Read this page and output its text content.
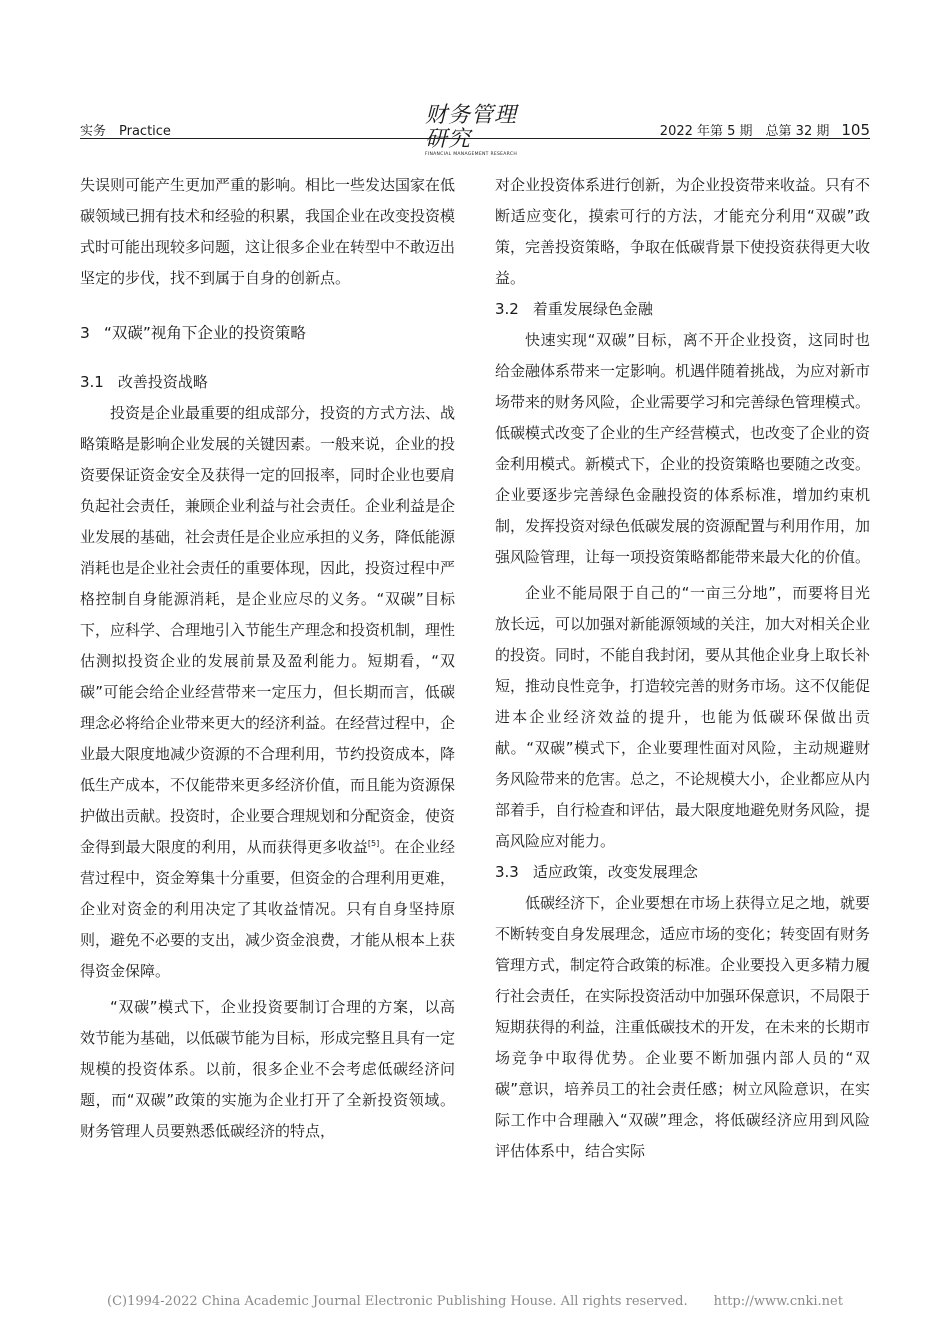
实务　Practice
财务管理研究
FINANCIAL MANAGEMENT RESEARCH
2022 年第 5 期　总第 32 期 105

失误则可能产生更加严重的影响。相比一些发达国家在低碳领域已拥有技术和经验的积累，我国企业在改变投资模式时可能出现较多问题，这让很多企业在转型中不敢迈出坚定的步伐，找不到属于自身的创新点。

3 “双碳”视角下企业的投资策略

3.1 改善投资战略

投资是企业最重要的组成部分，投资的方式方法、战略策略是影响企业发展的关键因素。一般来说，企业的投资要保证资金安全及获得一定的回报率，同时企业也要肩负起社会责任，兼顾企业利益与社会责任。企业利益是企业发展的基础，社会责任是企业应承担的义务，降低能源消耗也是企业社会责任的重要体现，因此，投资过程中严格控制自身能源消耗，是企业应尽的义务。“双碳”目标下，应科学、合理地引入节能生产理念和投资机制，理性估测拟投资企业的发展前景及盈利能力。短期看，“双碳”可能会给企业经营带来一定压力，但长期而言，低碳理念必将给企业带来更大的经济利益。在经营过程中，企业最大限度地减少资源的不合理利用，节约投资成本，降低生产成本，不仅能带来更多经济价值，而且能为资源保护做出贡献。投资时，企业要合理规划和分配资金，使资金得到最大限度的利用，从而获得更多收益[5]。在企业经营过程中，资金筹集十分重要，但资金的合理利用更难，企业对资金的利用决定了其收益情况。只有自身坚持原则，避免不必要的支出，减少资金浪费，才能从根本上获得资金保障。

“双碳”模式下，企业投资要制订合理的方案，以高效节能为基础，以低碳节能为目标，形成完整且具有一定规模的投资体系。以前，很多企业不会考虑低碳经济问题，而“双碳”政策的实施为企业打开了全新投资领域。财务管理人员要熟悉低碳经济的特点，

对企业投资体系进行创新，为企业投资带来收益。只有不断适应变化，摸索可行的方法，才能充分利用“双碳”政策，完善投资策略，争取在低碳背景下使投资获得更大收益。

3.2 着重发展绿色金融

快速实现“双碳”目标，离不开企业投资，这同时也给金融体系带来一定影响。机遇伴随着挑战，为应对新市场带来的财务风险，企业需要学习和完善绿色管理模式。低碳模式改变了企业的生产经营模式，也改变了企业的资金利用模式。新模式下，企业的投资策略也要随之改变。企业要逐步完善绿色金融投资的体系标准，增加约束机制，发挥投资对绿色低碳发展的资源配置与利用作用，加强风险管理，让每一项投资策略都能带来最大化的价值。

企业不能局限于自己的“一亩三分地”，而要将目光放长远，可以加强对新能源领域的关注，加大对相关企业的投资。同时，不能自我封闭，要从其他企业身上取长补短，推动良性竞争，打造较完善的财务市场。这不仅能促进本企业经济效益的提升，也能为低碳环保做出贡献。“双碳”模式下，企业要理性面对风险，主动规避财务风险带来的危害。总之，不论规模大小，企业都应从内部着手，自行检查和评估，最大限度地避免财务风险，提高风险应对能力。

3.3 适应政策，改变发展理念

低碳经济下，企业要想在市场上获得立足之地，就要不断转变自身发展理念，适应市场的变化；转变固有财务管理方式，制定符合政策的标准。企业要投入更多精力履行社会责任，在实际投资活动中加强环保意识，不局限于短期获得的利益，注重低碳技术的开发，在未来的长期市场竞争中取得优势。企业要不断加强内部人员的“双碳”意识，培养员工的社会责任感；树立风险意识，在实际工作中合理融入“双碳”理念，将低碳经济应用到风险评估体系中，结合实际

(C)1994-2022 China Academic Journal Electronic Publishing House. All rights reserved.　　http://www.cnki.net
